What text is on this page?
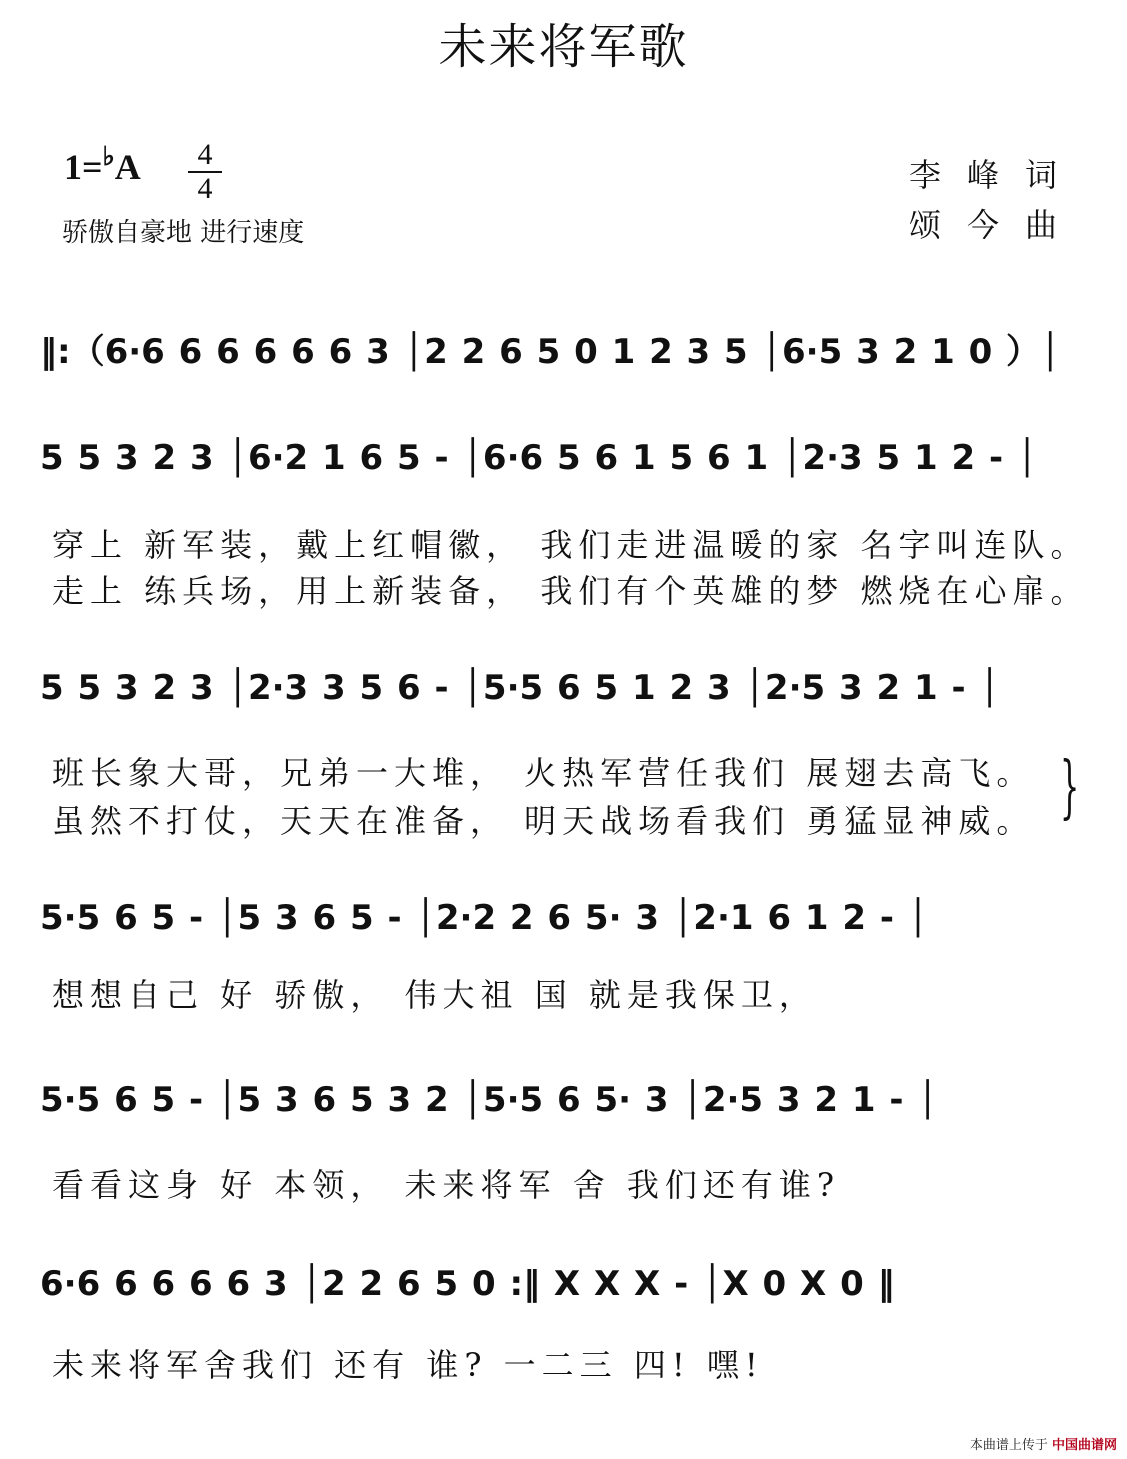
未来将军歌
1=♭A	4
4
骄傲自豪地 进行速度
李峰词
颂今曲
‖:（6·6 6 6 6 6 6 3 │2 2 6 5 0 1 2 3 5 │6·5 3 2 1 0 ）│
5 5 3 2 3 │6·2 1 6 5 - │6·6 5 6 1 5 6 1 │2·3 5 1 2 - │
5 5 3 2 3 │2·3 3 5 6 - │5·5 6 5 1 2 3 │2·5 3 2 1 - │
5·5 6 5 - │5 3 6 5 - │2·2 2 6 5· 3 │2·1 6 1 2 - │
5·5 6 5 - │5 3 6 5 3 2 │5·5 6 5· 3 │2·5 3 2 1 - │
6·6 6 6 6 6 3 │2 2 6 5 0 :‖ X X X - │X 0 X 0 ‖
穿上 新军装，戴上红帽徽， 我们走进温暖的家 名字叫连队。
走上 练兵场，用上新装备， 我们有个英雄的梦 燃烧在心扉。
班长象大哥，兄弟一大堆， 火热军营任我们 展翅去高飞。
虽然不打仗，天天在准备， 明天战场看我们 勇猛显神威。
想想自己 好 骄傲， 伟大祖 国 就是我保卫，
看看这身 好 本领， 未来将军 舍 我们还有谁?
未来将军舍我们 还有 谁? 一二三 四! 嘿!
}
本曲谱上传于 中国曲谱网
